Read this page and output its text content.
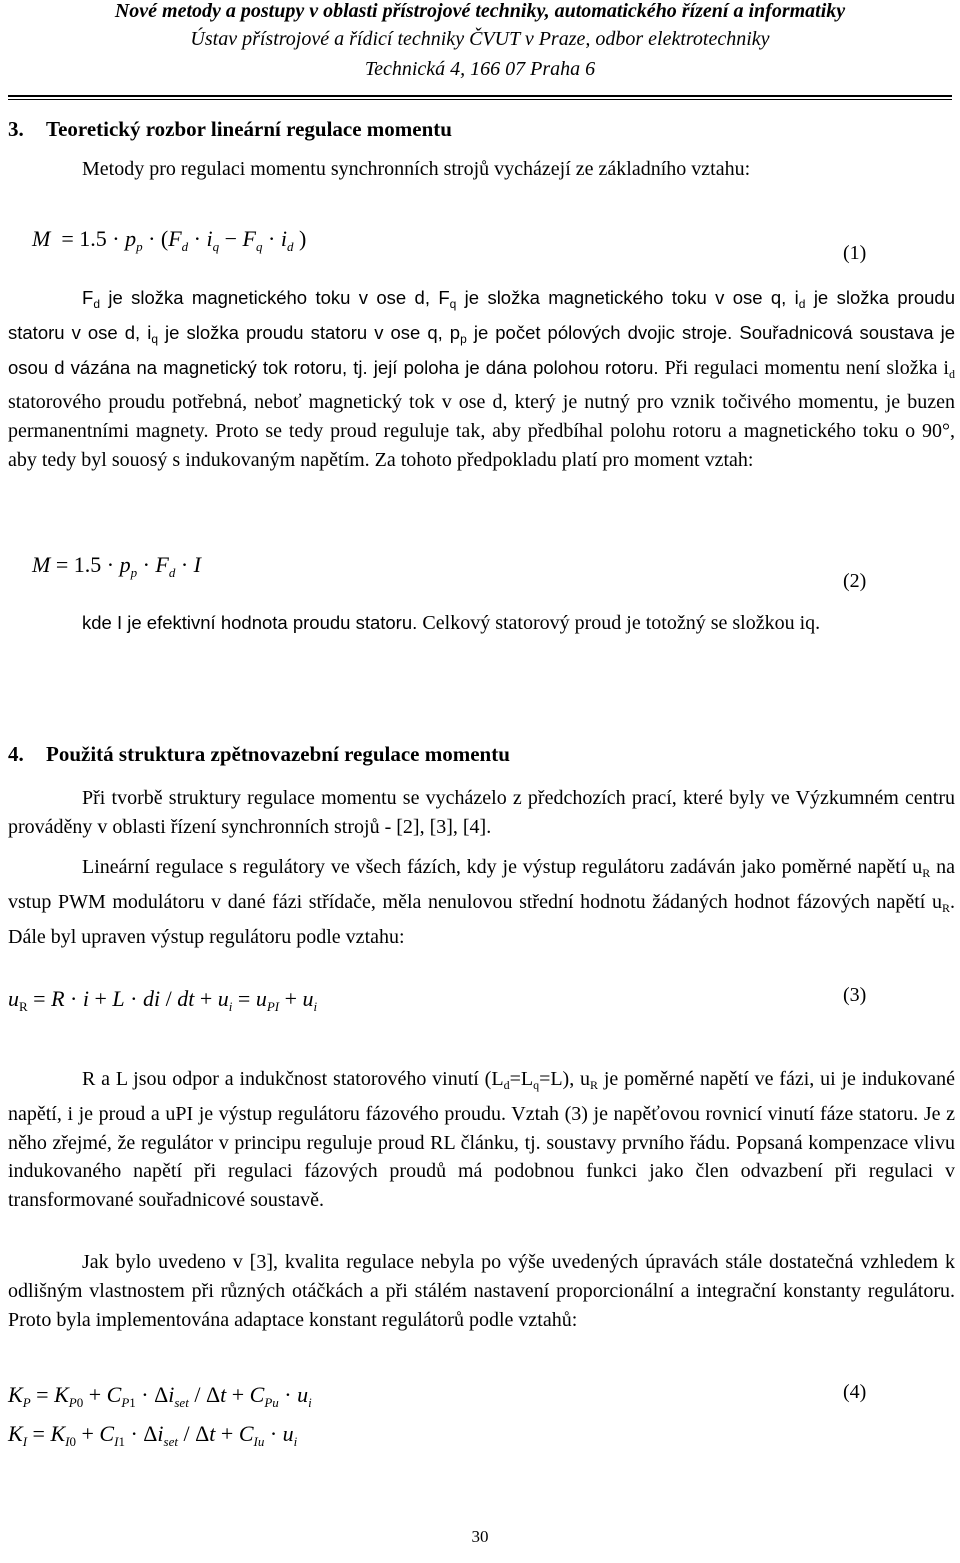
Nové metody a postupy v oblasti přístrojové techniky, automatického řízení a informatiky
Ústav přístrojové a řídicí techniky ČVUT v Praze, odbor elektrotechniky
Technická 4, 166 07 Praha 6
3. Teoretický rozbor lineární regulace momentu
Metody pro regulaci momentu synchronních strojů vycházejí ze základního vztahu:
$M = 1.5 \cdot p_p \cdot (F_d \cdot i_q - F_q \cdot i_d$ )
(1)
$F_d$ je složka magnetického toku v ose d, $F_q$ je složka magnetického toku v ose q, $i_d$ je složka proudu statoru v ose d, $i_q$ je složka proudu statoru v ose q, $p_p$ je počet pólových dvojic stroje. Souřadnicová soustava je osou d vázána na magnetický tok rotoru, tj. její poloha je dána polohou rotoru. Při regulaci momentu není složka $i_d$ statorového proudu potřebná, neboť magnetický tok v ose d, který je nutný pro vznik točivého momentu, je buzen permanentními magnety. Proto se tedy proud reguluje tak, aby předbíhal polohu rotoru a magnetického toku o 90°, aby tedy byl souosý s indukovaným napětím. Za tohoto předpokladu platí pro moment vztah:
$M = 1.5 \cdot p_p \cdot F_d \cdot I$
(2)
kde I je efektivní hodnota proudu statoru. Celkový statorový proud je totožný se složkou iq.
4. Použitá struktura zpětnovazební regulace momentu
Při tvorbě struktury regulace momentu se vycházelo z předchozích prací, které byly ve Výzkumném centru prováděny v oblasti řízení synchronních strojů - [2], [3], [4].
Lineární regulace s regulátory ve všech fázích, kdy je výstup regulátoru zadáván jako poměrné napětí $u_R$ na vstup PWM modulátoru v dané fázi střídače, měla nenulovou střední hodnotu žádaných hodnot fázových napětí $u_R$. Dále byl upraven výstup regulátoru podle vztahu:
$u_R = R \cdot i + L$ · di / dt + $u_i = u_{PI} + u_i$
(3)
R a L jsou odpor a indukčnost statorového vinutí $(L_d=L_q=L)$, $u_R$ je poměrné napětí ve fázi, ui je indukované napětí, i je proud a uPI je výstup regulátoru fázového proudu. Vztah (3) je napěťovou rovnicí vinutí fáze statoru. Je z něho zřejmé, že regulátor v principu reguluje proud RL článku, tj. soustavy prvního řádu. Popsaná kompenzace vlivu indukovaného napětí při regulaci fázových proudů má podobnou funkci jako člen odvazbení při regulaci v transformované souřadnicové soustavě.
Jak bylo uvedeno v [3], kvalita regulace nebyla po výše uvedených úpravách stále dostatečná vzhledem k odlišným vlastnostem při různých otáčkách a při stálém nastavení proporcionální a integrační konstanty regulátoru. Proto byla implementována adaptace konstant regulátorů podle vztahů:
$K_P = K_{P0} + C_{P1} \cdot \Delta i_{set} / \Delta t + C_{Pu} \cdot u_i$
$K_I = K_{I0} + C_{I1} \cdot \Delta i_{set} / \Delta t + C_{Iu} \cdot u_i$
(4)
30
